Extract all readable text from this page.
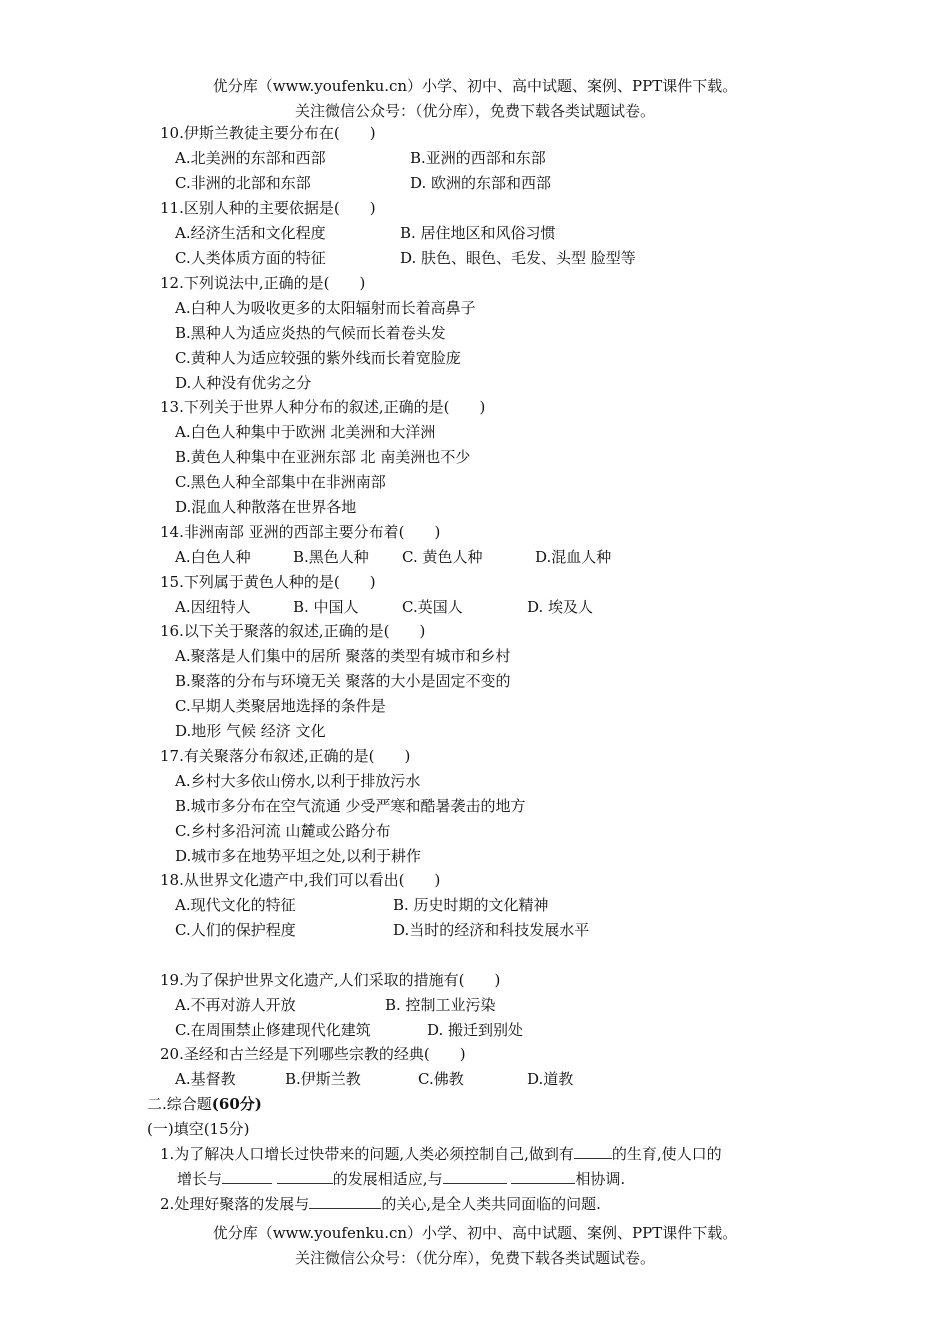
优分库（www.youfenku.cn）小学、初中、高中试题、案例、PPT课件下载。
关注微信公众号：（优分库），免费下载各类试题试卷。
10.伊斯兰教徒主要分布在(　　)
A.北美洲的东部和西部	B.亚洲的西部和东部
C.非洲的北部和东部	D. 欧洲的东部和西部
11.区别人种的主要依据是(　　)
A.经济生活和文化程度	B. 居住地区和风俗习惯
C.人类体质方面的特征	D. 肤色、眼色、毛发、头型 脸型等
12.下列说法中,正确的是(　　)
A.白种人为吸收更多的太阳辐射而长着高鼻子
B.黑种人为适应炎热的气候而长着卷头发
C.黄种人为适应较强的紫外线而长着宽脸庞
D.人种没有优劣之分
13.下列关于世界人种分布的叙述,正确的是(　　)
A.白色人种集中于欧洲 北美洲和大洋洲
B.黄色人种集中在亚洲东部 北 南美洲也不少
C.黑色人种全部集中在非洲南部
D.混血人种散落在世界各地
14.非洲南部 亚洲的西部主要分布着(　　)
A.白色人种	B.黑色人种 C. 黄色人种	D.混血人种
15.下列属于黄色人种的是(　　)
A.因纽特人	B. 中国人	C.英国人	D. 埃及人
16.以下关于聚落的叙述,正确的是(　　)
A.聚落是人们集中的居所 聚落的类型有城市和乡村
B.聚落的分布与环境无关 聚落的大小是固定不变的
C.早期人类聚居地选择的条件是
D.地形 气候 经济 文化
17.有关聚落分布叙述,正确的是(　　)
A.乡村大多依山傍水,以利于排放污水
B.城市多分布在空气流通 少受严寒和酷暑袭击的地方
C.乡村多沿河流 山麓或公路分布
D.城市多在地势平坦之处,以利于耕作
18.从世界文化遗产中,我们可以看出(　　)
A.现代文化的特征	B. 历史时期的文化精神
C.人们的保护程度	D.当时的经济和科技发展水平
19.为了保护世界文化遗产,人们采取的措施有(　　)
A.不再对游人开放	B. 控制工业污染
C.在周围禁止修建现代化建筑	D. 搬迁到别处
20.圣经和古兰经是下列哪些宗教的经典(　　)
A.基督教	B.伊斯兰教	C.佛教	D.道教
二.综合题(60分)
(一)填空(15分)
1.为了解决人口增长过快带来的问题,人类必须控制自己,做到有	的生育,使人口的
增长与	的发展相适应,与	相协调.
2.处理好聚落的发展与	的关心,是全人类共同面临的问题.
优分库（www.youfenku.cn）小学、初中、高中试题、案例、PPT课件下载。
关注微信公众号：（优分库），免费下载各类试题试卷。
